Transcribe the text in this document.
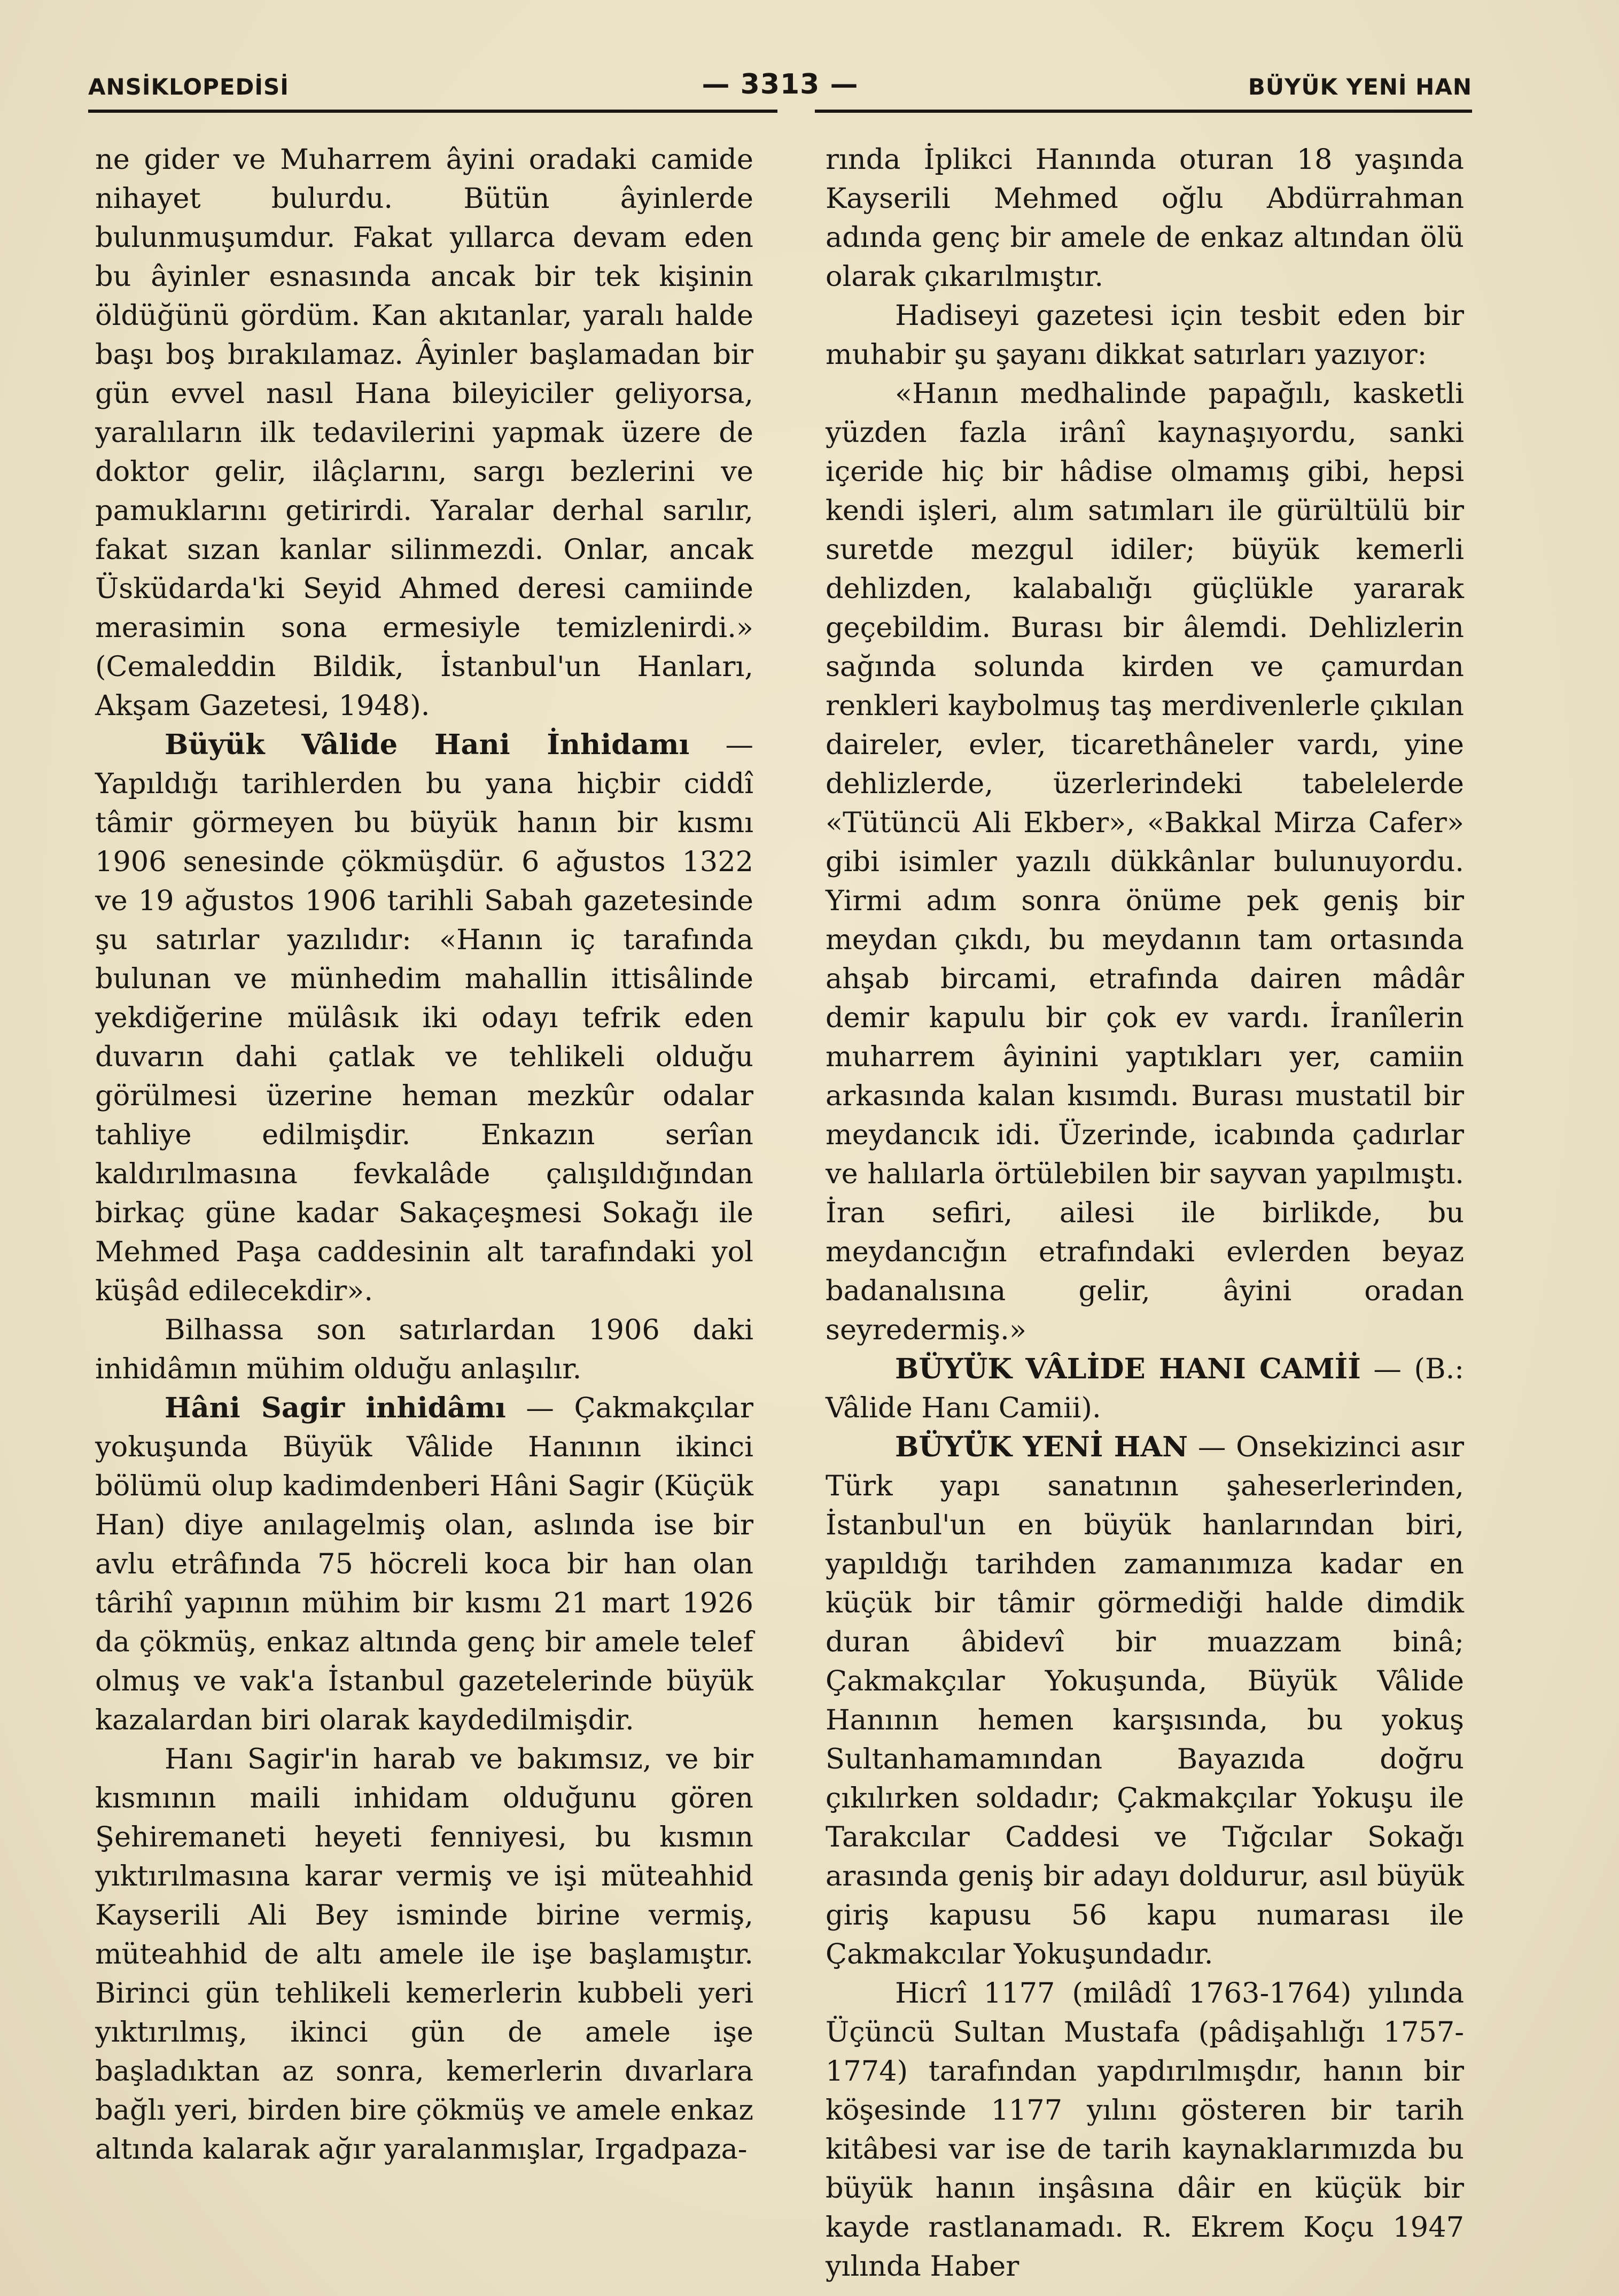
ANSİKLOPEDİSİ	— 3313 —	BÜYÜK YENİ HAN

ne gider ve Muharrem âyini oradaki camide nihayet bulurdu. Bütün âyinlerde bulunmuşumdur. Fakat yıllarca devam eden bu âyinler esnasında ancak bir tek kişinin öldüğünü gördüm. Kan akıtanlar, yaralı halde başı boş bırakılamaz. Âyinler başlamadan bir gün evvel nasıl Hana bileyiciler geliyorsa, yaralıların ilk tedavilerini yapmak üzere de doktor gelir, ilâçlarını, sargı bezlerini ve pamuklarını getirirdi. Yaralar derhal sarılır, fakat sızan kanlar silinmezdi. Onlar, ancak Üsküdarda'ki Seyid Ahmed deresi camiinde merasimin sona ermesiyle temizlenirdi.» (Cemaleddin Bildik, İstanbul'un Hanları, Akşam Gazetesi, 1948).

Büyük Vâlide Hani İnhidamı — Yapıldığı tarihlerden bu yana hiçbir ciddî tâmir görmeyen bu büyük hanın bir kısmı 1906 senesinde çökmüşdür. 6 ağustos 1322 ve 19 ağustos 1906 tarihli Sabah gazetesinde şu satırlar yazılıdır: «Hanın iç tarafında bulunan ve münhedim mahallin ittisâlinde yekdiğerine mülâsık iki odayı tefrik eden duvarın dahi çatlak ve tehlikeli olduğu görülmesi üzerine heman mezkûr odalar tahliye edilmişdir. Enkazın serîan kaldırılmasına fevkalâde çalışıldığından birkaç güne kadar Sakaçeşmesi Sokağı ile Mehmed Paşa caddesinin alt tarafındaki yol küşâd edilecekdir».

Bilhassa son satırlardan 1906 daki inhidâmın mühim olduğu anlaşılır.

Hâni Sagir inhidâmı — Çakmakçılar yokuşunda Büyük Vâlide Hanının ikinci bölümü olup kadimdenberi Hâni Sagir (Küçük Han) diye anılagelmiş olan, aslında ise bir avlu etrâfında 75 höcreli koca bir han olan târihî yapının mühim bir kısmı 21 mart 1926 da çökmüş, enkaz altında genç bir amele telef olmuş ve vak'a İstanbul gazetelerinde büyük kazalardan biri olarak kaydedilmişdir.

Hanı Sagir'in harab ve bakımsız, ve bir kısmının maili inhidam olduğunu gören Şehiremaneti heyeti fenniyesi, bu kısmın yıktırılmasına karar vermiş ve işi müteahhid Kayserili Ali Bey isminde birine vermiş, müteahhid de altı amele ile işe başlamıştır. Birinci gün tehlikeli kemerlerin kubbeli yeri yıktırılmış, ikinci gün de amele işe başladıktan az sonra, kemerlerin dıvarlara bağlı yeri, birden bire çökmüş ve amele enkaz altında kalarak ağır yaralanmışlar, Irgadpaza-

rında İplikci Hanında oturan 18 yaşında Kayserili Mehmed oğlu Abdürrahman adında genç bir amele de enkaz altından ölü olarak çıkarılmıştır.

Hadiseyi gazetesi için tesbit eden bir muhabir şu şayanı dikkat satırları yazıyor:

«Hanın medhalinde papağılı, kasketli yüzden fazla irânî kaynaşıyordu, sanki içeride hiç bir hâdise olmamış gibi, hepsi kendi işleri, alım satımları ile gürültülü bir suretde mezgul idiler; büyük kemerli dehlizden, kalabalığı güçlükle yararak geçebildim. Burası bir âlemdi. Dehlizlerin sağında solunda kirden ve çamurdan renkleri kaybolmuş taş merdivenlerle çıkılan daireler, evler, ticarethâneler vardı, yine dehlizlerde, üzerlerindeki tabelelerde «Tütüncü Ali Ekber», «Bakkal Mirza Cafer» gibi isimler yazılı dükkânlar bulunuyordu. Yirmi adım sonra önüme pek geniş bir meydan çıkdı, bu meydanın tam ortasında ahşab bircami, etrafında dairen mâdâr demir kapulu bir çok ev vardı. İranîlerin muharrem âyinini yaptıkları yer, camiin arkasında kalan kısımdı. Burası mustatil bir meydancık idi. Üzerinde, icabında çadırlar ve halılarla örtülebilen bir sayvan yapılmıştı. İran sefiri, ailesi ile birlikde, bu meydancığın etrafındaki evlerden beyaz badanalısına gelir, âyini oradan seyredermiş.»

BÜYÜK VÂLİDE HANI CAMİİ — (B.: Vâlide Hanı Camii).

BÜYÜK YENİ HAN — Onsekizinci asır Türk yapı sanatının şaheserlerinden, İstanbul'un en büyük hanlarından biri, yapıldığı tarihden zamanımıza kadar en küçük bir tâmir görmediği halde dimdik duran âbidevî bir muazzam binâ; Çakmakçılar Yokuşunda, Büyük Vâlide Hanının hemen karşısında, bu yokuş Sultanhamamından Bayazıda doğru çıkılırken soldadır; Çakmakçılar Yokuşu ile Tarakcılar Caddesi ve Tığcılar Sokağı arasında geniş bir adayı doldurur, asıl büyük giriş kapusu 56 kapu numarası ile Çakmakcılar Yokuşundadır.

Hicrî 1177 (milâdî 1763-1764) yılında Üçüncü Sultan Mustafa (pâdişahlığı 1757-1774) tarafından yapdırılmışdır, hanın bir köşesinde 1177 yılını gösteren bir tarih kitâbesi var ise de tarih kaynaklarımızda bu büyük hanın inşâsına dâir en küçük bir kayde rastlanamadı. R. Ekrem Koçu 1947 yılında Haber
